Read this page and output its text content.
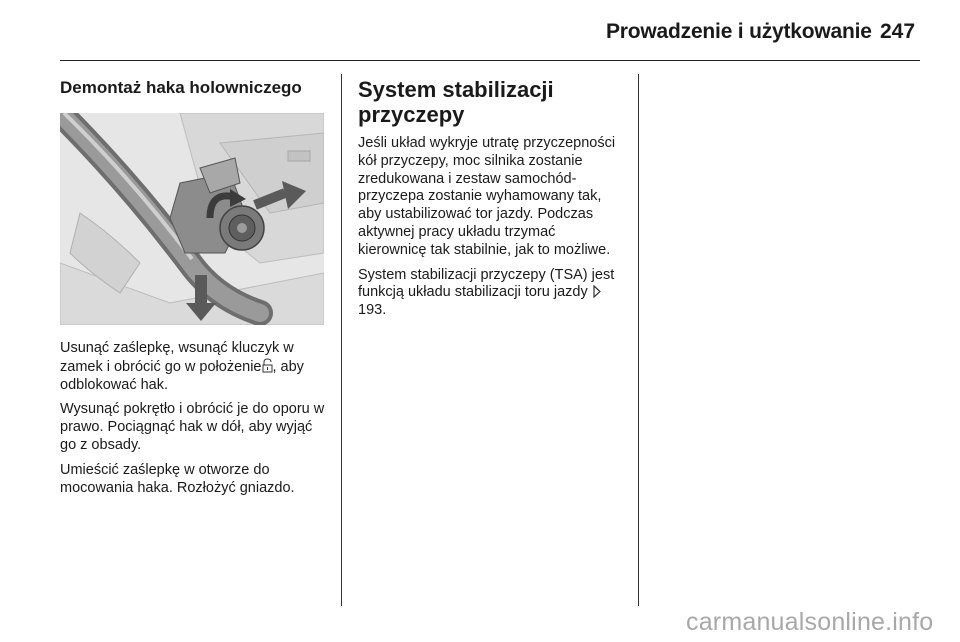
Prowadzenie i użytkowanie 247
Demontaż haka holowniczego

Usunąć zaślepkę, wsunąć kluczyk w zamek i obrócić go w położenie , aby odblokować hak.

Wysunąć pokrętło i obrócić je do oporu w prawo. Pociągnąć hak w dół, aby wyjąć go z obsady.

Umieścić zaślepkę w otworze do mocowania haka. Rozłożyć gniazdo.

System stabilizacji przyczepy

Jeśli układ wykryje utratę przyczepności kół przyczepy, moc silnika zostanie zredukowana i zestaw samochód-przyczepa zostanie wyhamowany tak, aby ustabilizować tor jazdy. Podczas aktywnej pracy układu trzymać kierownicę tak stabilnie, jak to możliwe.

System stabilizacji przyczepy (TSA) jest funkcją układu stabilizacji toru jazdy  193.

carmanualsonline.info
